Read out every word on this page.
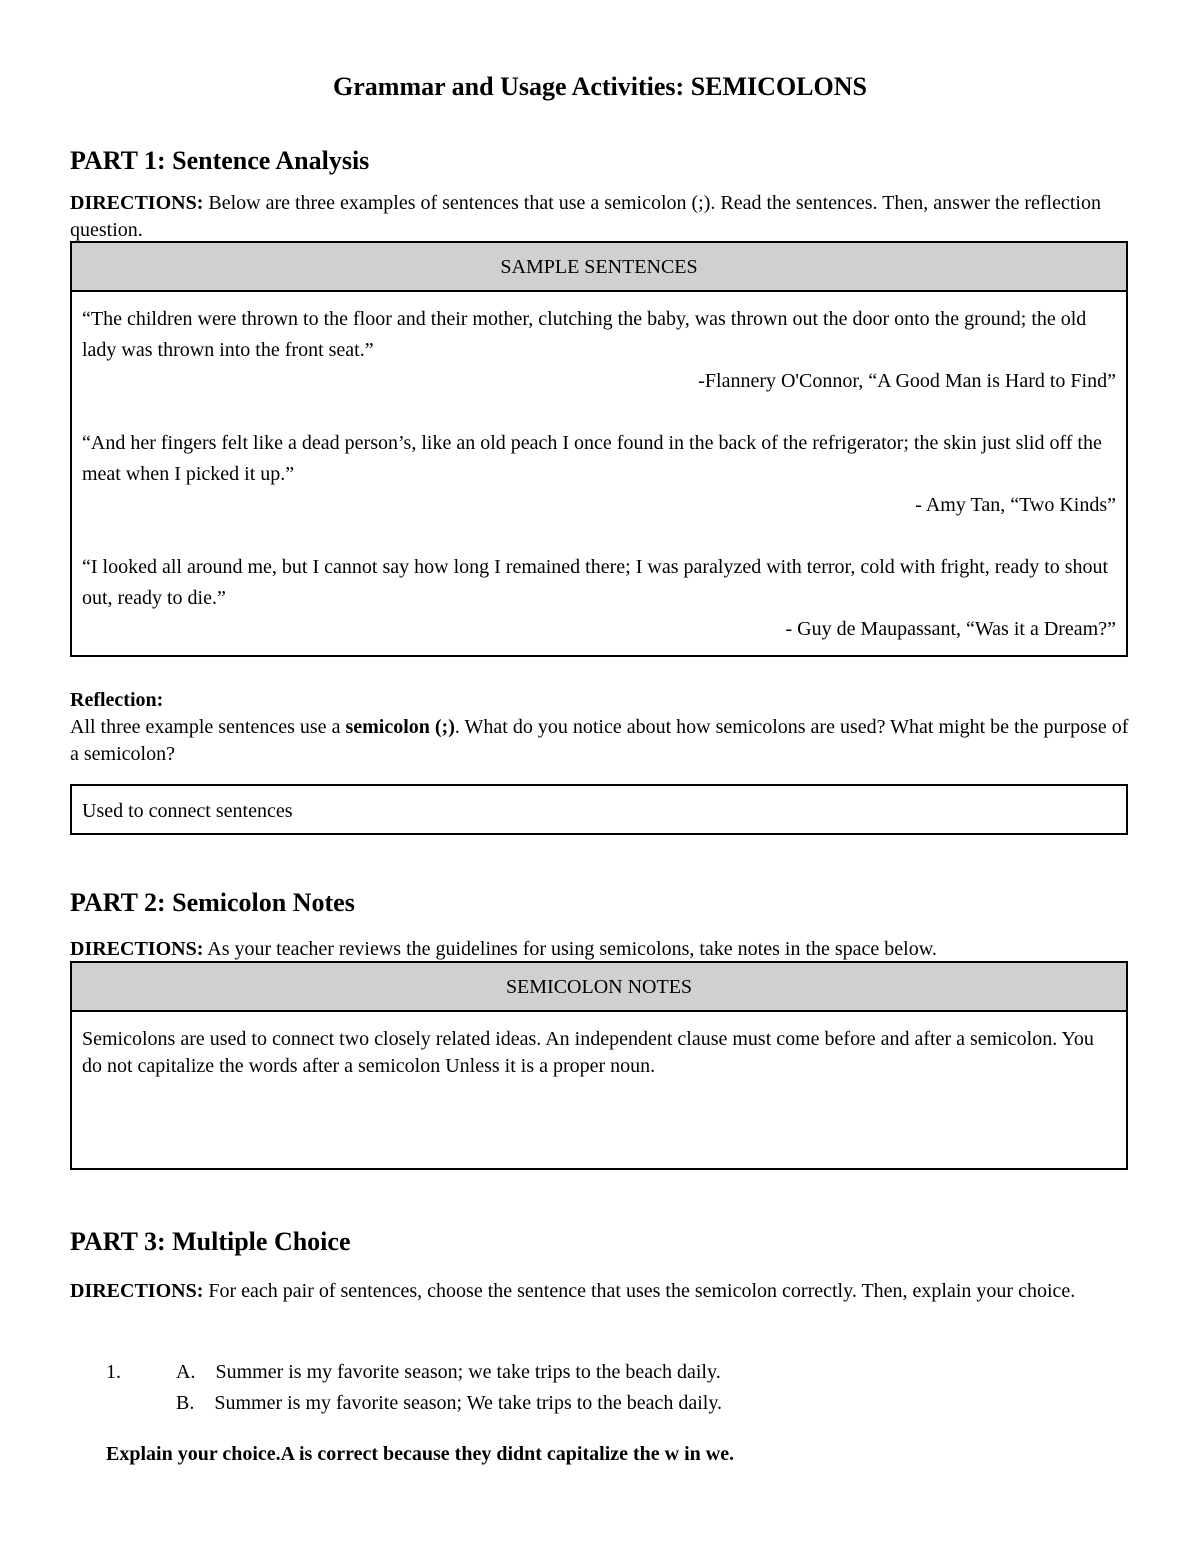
Grammar and Usage Activities: SEMICOLONS
PART 1: Sentence Analysis
DIRECTIONS: Below are three examples of sentences that use a semicolon (;). Read the sentences. Then, answer the reflection question.
SAMPLE SENTENCES
“The children were thrown to the floor and their mother, clutching the baby, was thrown out the door onto the ground; the old lady was thrown into the front seat.”
-Flannery O'Connor, “A Good Man is Hard to Find”
“And her fingers felt like a dead person’s, like an old peach I once found in the back of the refrigerator; the skin just slid off the meat when I picked it up.”
- Amy Tan, “Two Kinds”
“I looked all around me, but I cannot say how long I remained there; I was paralyzed with terror, cold with fright, ready to shout out, ready to die.”
- Guy de Maupassant, “Was it a Dream?”
Reflection:
All three example sentences use a semicolon (;). What do you notice about how semicolons are used? What might be the purpose of a semicolon?
Used to connect sentences
PART 2: Semicolon Notes
DIRECTIONS: As your teacher reviews the guidelines for using semicolons, take notes in the space below.
SEMICOLON NOTES
Semicolons are used to connect two closely related ideas. An independent clause must come before and after a semicolon. You do not capitalize the words after a semicolon Unless it is a proper noun.
PART 3: Multiple Choice
DIRECTIONS: For each pair of sentences, choose the sentence that uses the semicolon correctly. Then, explain your choice.
1.	A. Summer is my favorite season; we take trips to the beach daily.
B. Summer is my favorite season; We take trips to the beach daily.
Explain your choice.A is correct because they didnt capitalize the w in we.
